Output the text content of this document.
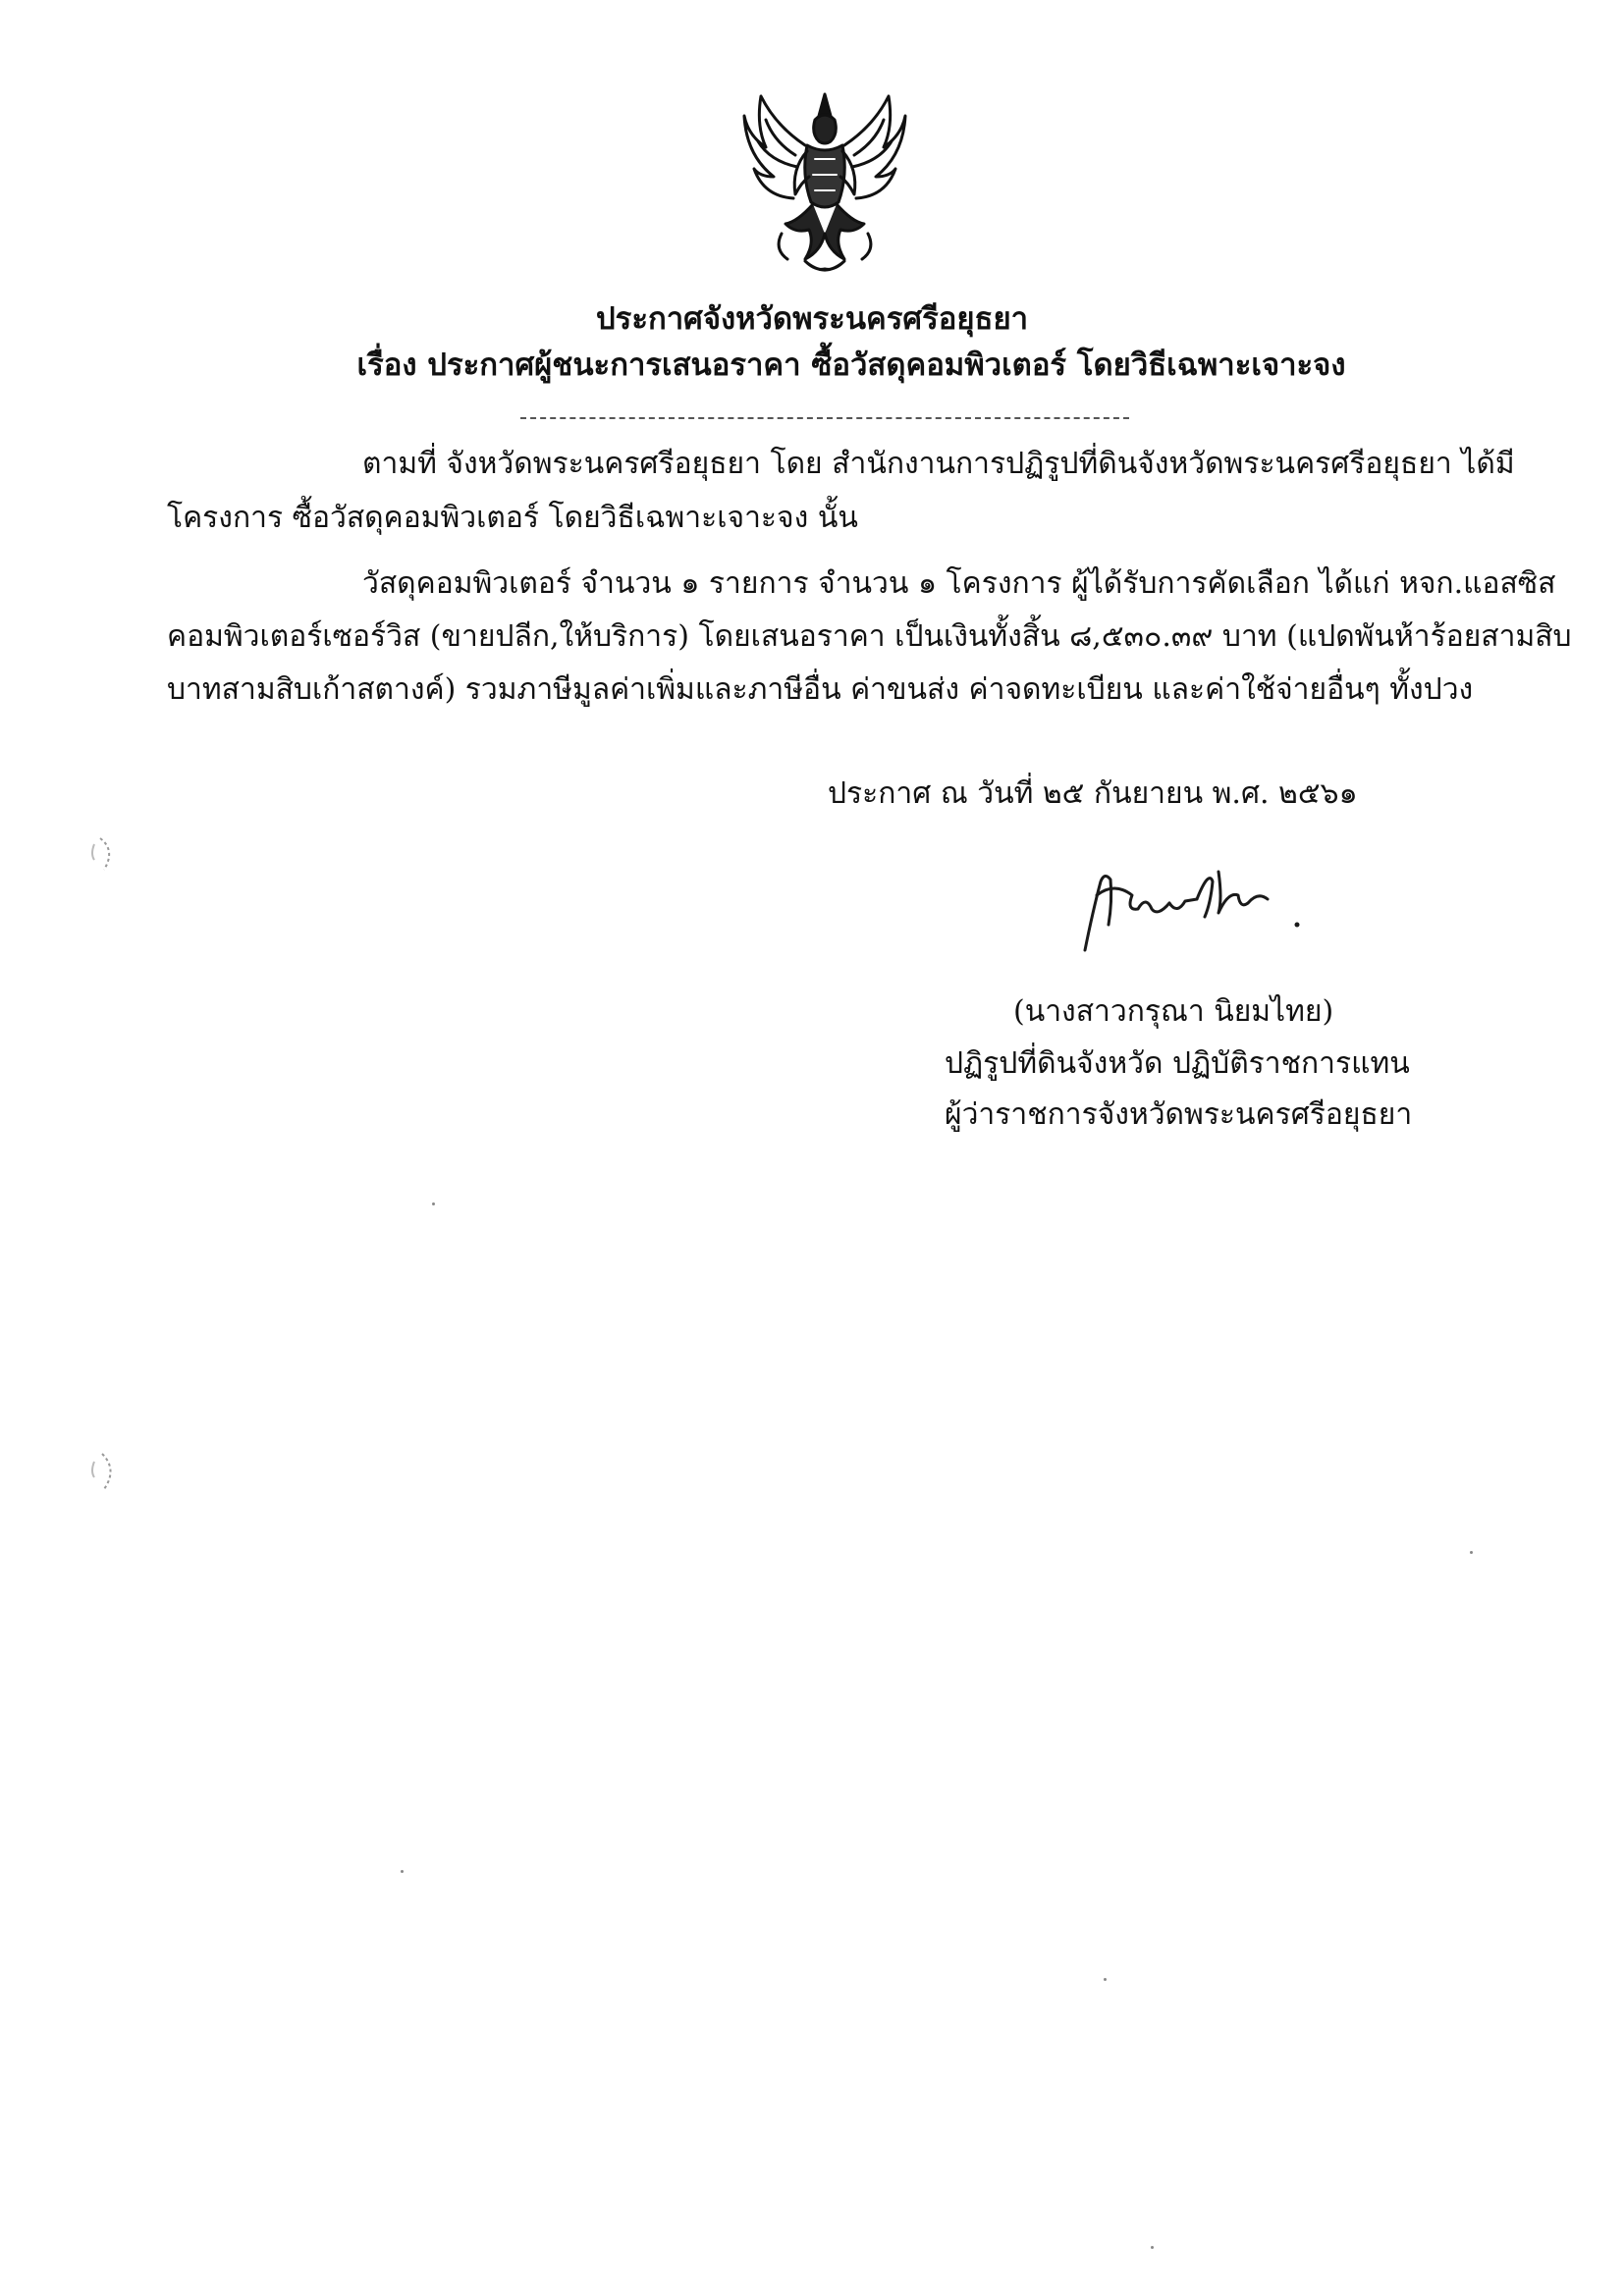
ประกาศจังหวัดพระนครศรีอยุธยา
เรื่อง ประกาศผู้ชนะการเสนอราคา ซื้อวัสดุคอมพิวเตอร์ โดยวิธีเฉพาะเจาะจง
ตามที่ จังหวัดพระนครศรีอยุธยา โดย สำนักงานการปฏิรูปที่ดินจังหวัดพระนครศรีอยุธยา ได้มี
โครงการ ซื้อวัสดุคอมพิวเตอร์ โดยวิธีเฉพาะเจาะจง นั้น
วัสดุคอมพิวเตอร์ จำนวน ๑ รายการ จำนวน ๑ โครงการ ผู้ได้รับการคัดเลือก ได้แก่ หจก.แอสซิส
คอมพิวเตอร์เซอร์วิส (ขายปลีก,ให้บริการ) โดยเสนอราคา เป็นเงินทั้งสิ้น ๘,๕๓๐.๓๙ บาท (แปดพันห้าร้อยสามสิบ
บาทสามสิบเก้าสตางค์) รวมภาษีมูลค่าเพิ่มและภาษีอื่น ค่าขนส่ง ค่าจดทะเบียน และค่าใช้จ่ายอื่นๆ ทั้งปวง
ประกาศ ณ วันที่ ๒๕ กันยายน พ.ศ. ๒๕๖๑
(นางสาวกรุณา นิยมไทย)
ปฏิรูปที่ดินจังหวัด ปฏิบัติราชการแทน
ผู้ว่าราชการจังหวัดพระนครศรีอยุธยา
